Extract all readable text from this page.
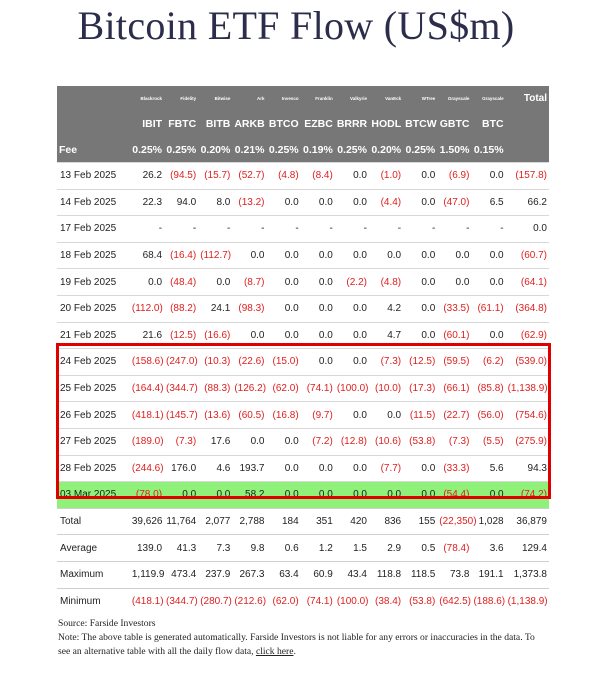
Bitcoin ETF Flow (US$m)
	Blackrock	Fidelity	Bitwise	Ark	Invesco	Franklin	Valkyrie	VanEck	WTree	Grayscale	Grayscale	Total
	IBIT	FBTC	BITB	ARKB	BTCO	EZBC	BRRR	HODL	BTCW	GBTC	BTC	
Fee	0.25%	0.25%	0.20%	0.21%	0.25%	0.19%	0.25%	0.20%	0.25%	1.50%	0.15%	
13 Feb 2025	26.2	(94.5)	(15.7)	(52.7)	(4.8)	(8.4)	0.0	(1.0)	0.0	(6.9)	0.0	(157.8)
14 Feb 2025	22.3	94.0	8.0	(13.2)	0.0	0.0	0.0	(4.4)	0.0	(47.0)	6.5	66.2
17 Feb 2025	-	-	-	-	-	-	-	-	-	-	-	0.0
18 Feb 2025	68.4	(16.4)	(112.7)	0.0	0.0	0.0	0.0	0.0	0.0	0.0	0.0	(60.7)
19 Feb 2025	0.0	(48.4)	0.0	(8.7)	0.0	0.0	(2.2)	(4.8)	0.0	0.0	0.0	(64.1)
20 Feb 2025	(112.0)	(88.2)	24.1	(98.3)	0.0	0.0	0.0	4.2	0.0	(33.5)	(61.1)	(364.8)
21 Feb 2025	21.6	(12.5)	(16.6)	0.0	0.0	0.0	0.0	4.7	0.0	(60.1)	0.0	(62.9)
24 Feb 2025	(158.6)	(247.0)	(10.3)	(22.6)	(15.0)	0.0	0.0	(7.3)	(12.5)	(59.5)	(6.2)	(539.0)
25 Feb 2025	(164.4)	(344.7)	(88.3)	(126.2)	(62.0)	(74.1)	(100.0)	(10.0)	(17.3)	(66.1)	(85.8)	(1,138.9)
26 Feb 2025	(418.1)	(145.7)	(13.6)	(60.5)	(16.8)	(9.7)	0.0	0.0	(11.5)	(22.7)	(56.0)	(754.6)
27 Feb 2025	(189.0)	(7.3)	17.6	0.0	0.0	(7.2)	(12.8)	(10.6)	(53.8)	(7.3)	(5.5)	(275.9)
28 Feb 2025	(244.6)	176.0	4.6	193.7	0.0	0.0	0.0	(7.7)	0.0	(33.3)	5.6	94.3
03 Mar 2025	(78.0)	0.0	0.0	58.2	0.0	0.0	0.0	0.0	0.0	(54.4)	0.0	(74.2)
Total	39,626	11,764	2,077	2,788	184	351	420	836	155	(22,350)	1,028	36,879
Average	139.0	41.3	7.3	9.8	0.6	1.2	1.5	2.9	0.5	(78.4)	3.6	129.4
Maximum	1,119.9	473.4	237.9	267.3	63.4	60.9	43.4	118.8	118.5	73.8	191.1	1,373.8
Minimum	(418.1)	(344.7)	(280.7)	(212.6)	(62.0)	(74.1)	(100.0)	(38.4)	(53.8)	(642.5)	(188.6)	(1,138.9)
Source: Farside Investors
Note: The above table is generated automatically. Farside Investors is not liable for any errors or inaccuracies in the data. To see an alternative table with all the daily flow data, click here.
